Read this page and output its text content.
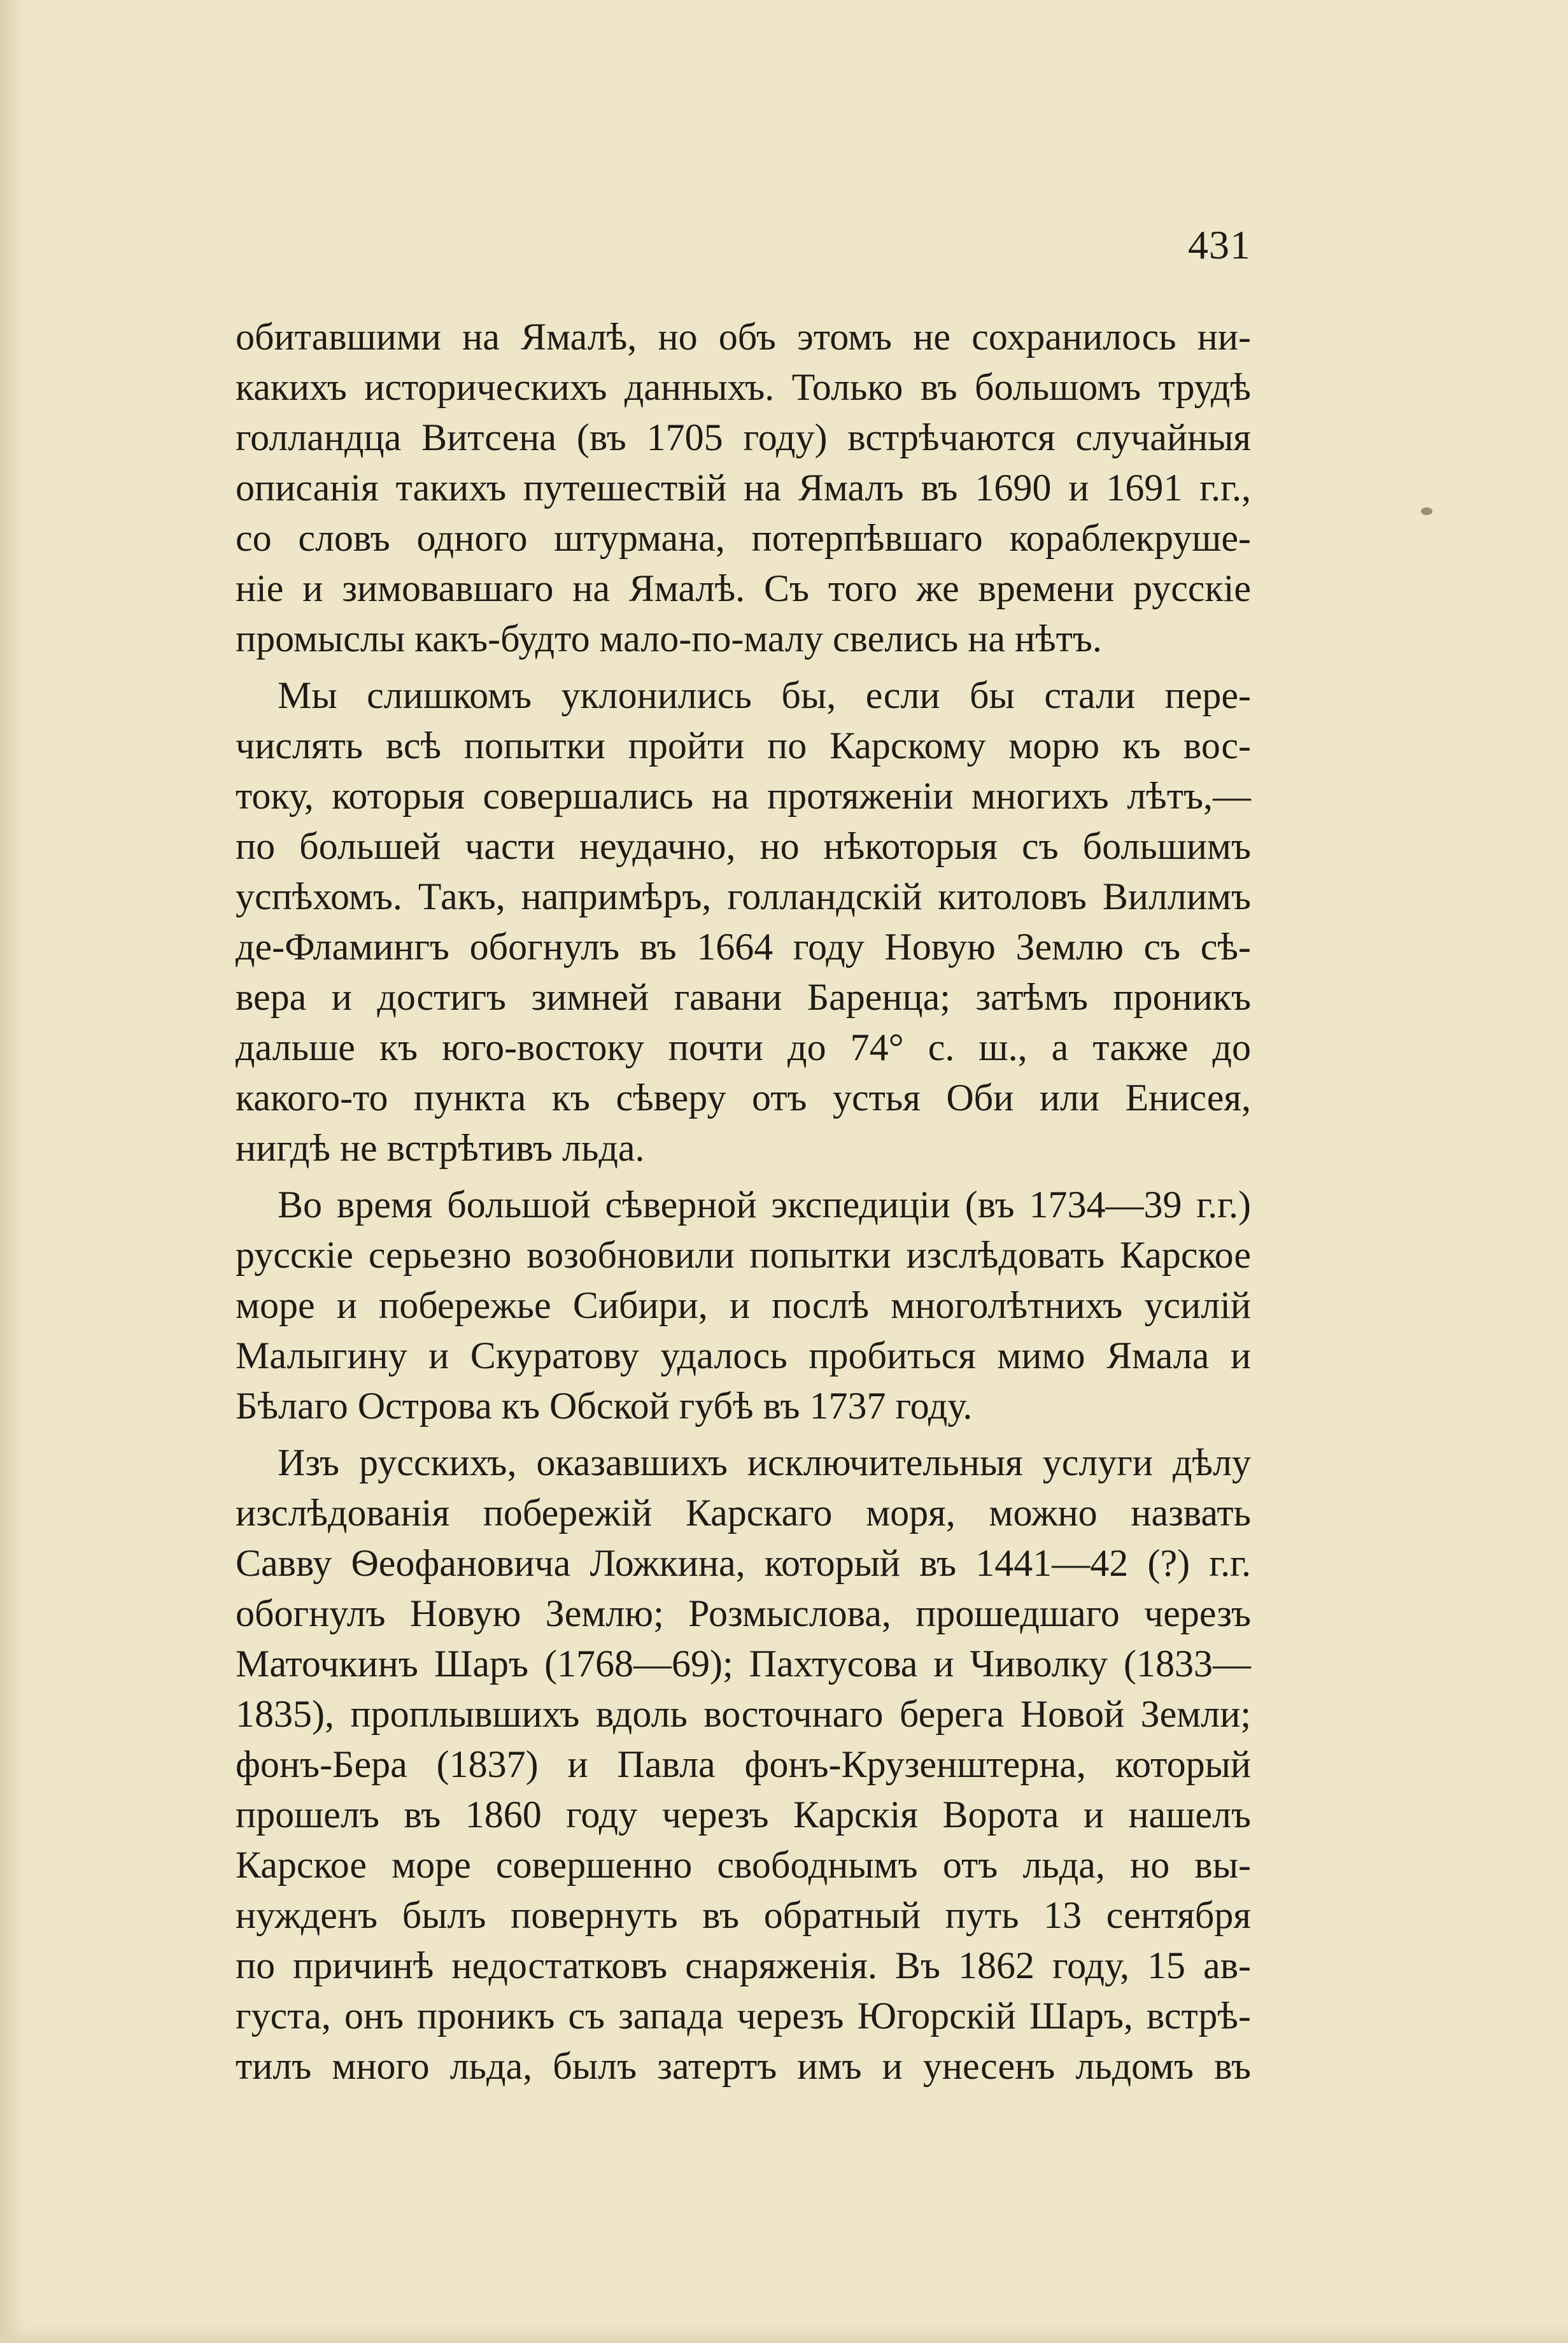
431
обитавшими на Ямалѣ, но объ этомъ не сохранилось ни-
какихъ историческихъ данныхъ. Только въ большомъ трудѣ
голландца Витсена (въ 1705 году) встрѣчаются случайныя
описанія такихъ путешествій на Ямалъ въ 1690 и 1691 г.г.,
со словъ одного штурмана, потерпѣвшаго кораблекруше-
ніе и зимовавшаго на Ямалѣ. Съ того же времени русскіе
промыслы какъ-будто мало-по-малу свелись на нѣтъ.
Мы слишкомъ уклонились бы, если бы стали пере-
числять всѣ попытки пройти по Карскому морю къ вос-
току, которыя совершались на протяженіи многихъ лѣтъ,—
по большей части неудачно, но нѣкоторыя съ большимъ
успѣхомъ. Такъ, напримѣръ, голландскій китоловъ Виллимъ
де-Фламингъ обогнулъ въ 1664 году Новую Землю съ сѣ-
вера и достигъ зимней гавани Баренца; затѣмъ проникъ
дальше къ юго-востоку почти до 74° с. ш., а также до
какого-то пункта къ сѣверу отъ устья Оби или Енисея,
нигдѣ не встрѣтивъ льда.
Во время большой сѣверной экспедиціи (въ 1734—39 г.г.)
русскіе серьезно возобновили попытки изслѣдовать Карское
море и побережье Сибири, и послѣ многолѣтнихъ усилій
Малыгину и Скуратову удалось пробиться мимо Ямала и
Бѣлаго Острова къ Обской губѣ въ 1737 году.
Изъ русскихъ, оказавшихъ исключительныя услуги дѣлу
изслѣдованія побережій Карскаго моря, можно назвать
Савву Ѳеофановича Ложкина, который въ 1441—42 (?) г.г.
обогнулъ Новую Землю; Розмыслова, прошедшаго черезъ
Маточкинъ Шаръ (1768—69); Пахтусова и Чиволку (1833—
1835), проплывшихъ вдоль восточнаго берега Новой Земли;
фонъ-Бера (1837) и Павла фонъ-Крузенштерна, который
прошелъ въ 1860 году черезъ Карскія Ворота и нашелъ
Карское море совершенно свободнымъ отъ льда, но вы-
нужденъ былъ повернуть въ обратный путь 13 сентября
по причинѣ недостатковъ снаряженія. Въ 1862 году, 15 ав-
густа, онъ проникъ съ запада черезъ Югорскій Шаръ, встрѣ-
тилъ много льда, былъ затертъ имъ и унесенъ льдомъ въ
